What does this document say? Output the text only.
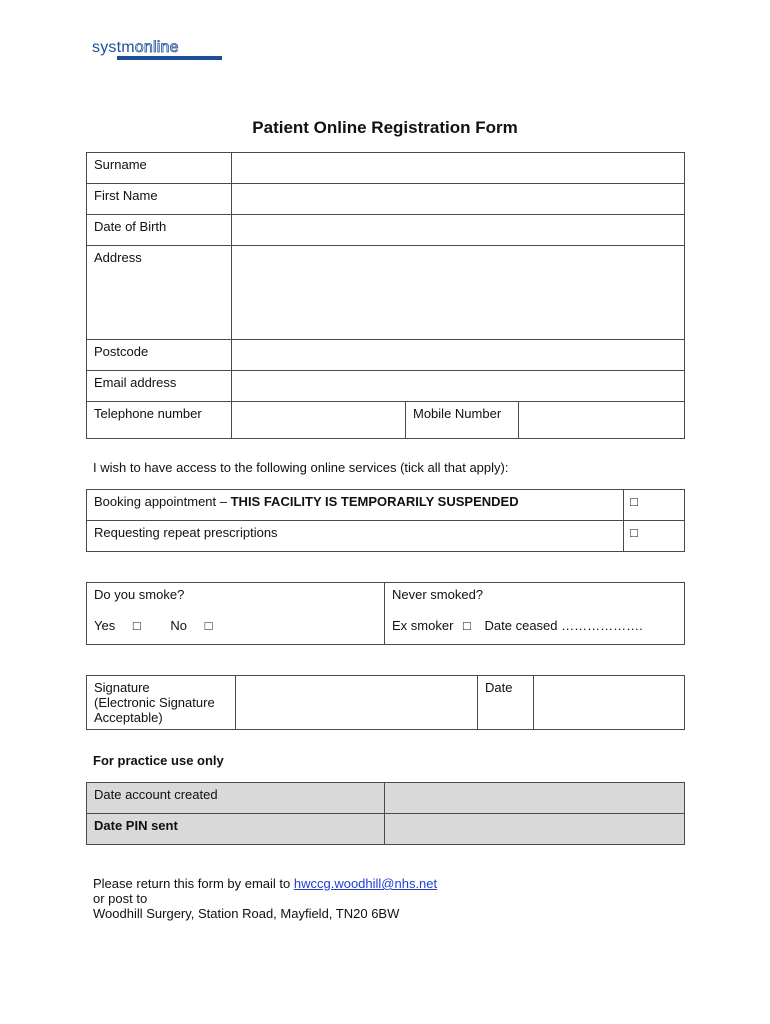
systmonline
Patient Online Registration Form
Surname			
First Name			
Date of Birth			
Address			
Postcode			
Email address			
Telephone number		Mobile Number	
I wish to have access to the following online services (tick all that apply):
Booking appointment – THIS FACILITY IS TEMPORARILY SUSPENDED	□
Requesting repeat prescriptions	□
Do you smoke?
Yes □ No □

Never smoked?
Ex smoker □ Date ceased ……………….
Signature
(Electronic Signature
Acceptable)
		Date	
For practice use only
Date account created	
Date PIN sent	
Please return this form by email to hwccg.woodhill@nhs.net
or post to
Woodhill Surgery, Station Road, Mayfield, TN20 6BW
